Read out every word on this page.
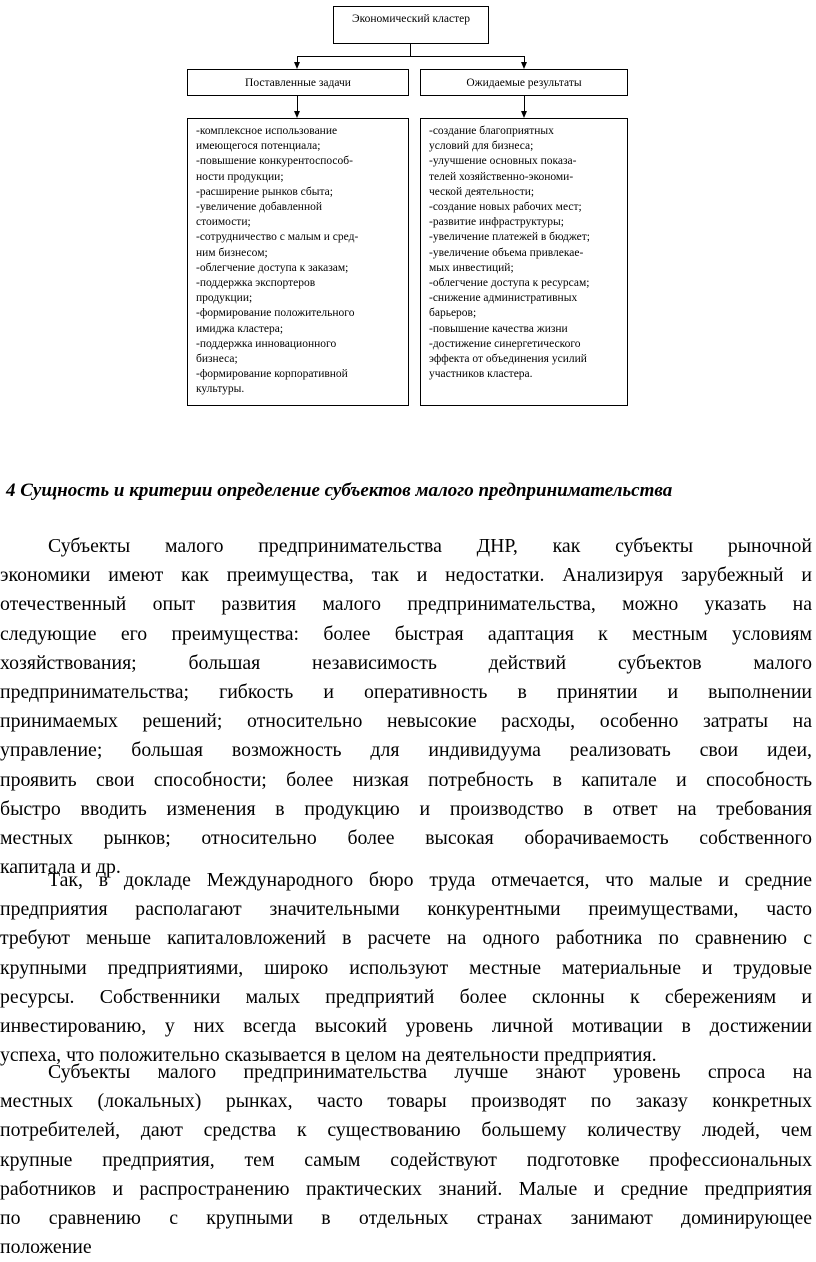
Экономический кластер
Поставленные задачи	Ожидаемые результаты
-комплексное использование
имеющегося потенциала;
-повышение конкурентоспособ-
ности продукции;
-расширение рынков сбыта;
-увеличение добавленной
стоимости;
-сотрудничество с малым и сред-
ним бизнесом;
-облегчение доступа к заказам;
-поддержка экспортеров
продукции;
-формирование положительного
имиджа кластера;
-поддержка инновационного
бизнеса;
-формирование корпоративной
культуры.
-создание благоприятных
условий для бизнеса;
-улучшение основных показа-
телей хозяйственно-экономи-
ческой деятельности;
-создание новых рабочих мест;
-развитие инфраструктуры;
-увеличение платежей в бюджет;
-увеличение объема привлекае-
мых инвестиций;
-облегчение доступа к ресурсам;
-снижение административных
барьеров;
-повышение качества жизни
-достижение синергетического
эффекта от объединения усилий
участников кластера.
4 Сущность и критерии определение субъектов малого предпринимательства
Субъекты малого предпринимательства ДНР, как субъекты рыночной
экономики имеют как преимущества, так и недостатки. Анализируя зарубежный и
отечественный опыт развития малого предпринимательства, можно указать на
следующие его преимущества: более быстрая адаптация к местным условиям
хозяйствования; большая независимость действий субъектов малого
предпринимательства; гибкость и оперативность в принятии и выполнении
принимаемых решений; относительно невысокие расходы, особенно затраты на
управление; большая возможность для индивидуума реализовать свои идеи,
проявить свои способности; более низкая потребность в капитале и способность
быстро вводить изменения в продукцию и производство в ответ на требования
местных рынков; относительно более высокая оборачиваемость собственного
капитала и др.
Так, в докладе Международного бюро труда отмечается, что малые и средние
предприятия располагают значительными конкурентными преимуществами, часто
требуют меньше капиталовложений в расчете на одного работника по сравнению с
крупными предприятиями, широко используют местные материальные и трудовые
ресурсы. Собственники малых предприятий более склонны к сбережениям и
инвестированию, у них всегда высокий уровень личной мотивации в достижении
успеха, что положительно сказывается в целом на деятельности предприятия.
Субъекты малого предпринимательства лучше знают уровень спроса на
местных (локальных) рынках, часто товары производят по заказу конкретных
потребителей, дают средства к существованию большему количеству людей, чем
крупные предприятия, тем самым содействуют подготовке профессиональных
работников и распространению практических знаний. Малые и средние предприятия
по сравнению с крупными в отдельных странах занимают доминирующее
положение
